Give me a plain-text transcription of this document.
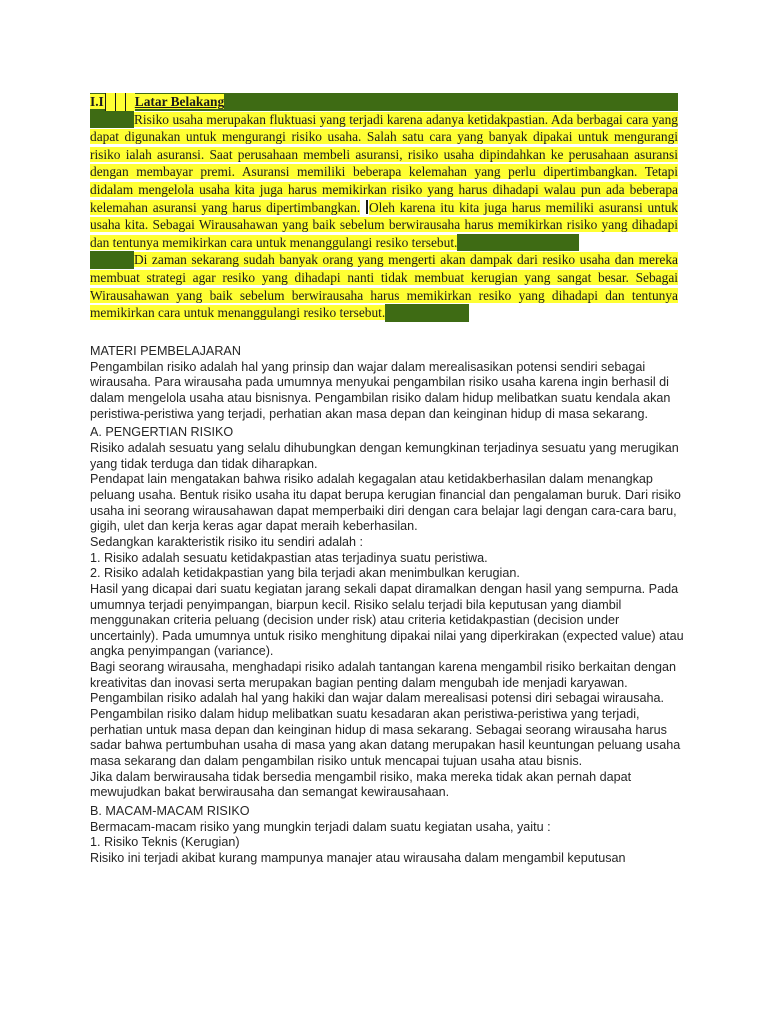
I.I Latar Belakang

Risiko usaha merupakan fluktuasi yang terjadi karena adanya ketidakpastian. Ada berbagai cara yang dapat digunakan untuk mengurangi risiko usaha. Salah satu cara yang banyak dipakai untuk mengurangi risiko ialah asuransi. Saat perusahaan membeli asuransi, risiko usaha dipindahkan ke perusahaan asuransi dengan membayar premi. Asuransi memiliki beberapa kelemahan yang perlu dipertimbangkan. Tetapi didalam mengelola usaha kita juga harus memikirkan risiko yang harus dihadapi walau pun ada beberapa kelemahan asuransi yang harus dipertimbangkan. Oleh karena itu kita juga harus memiliki asuransi untuk usaha kita. Sebagai Wirausahawan yang baik sebelum berwirausaha harus memikirkan risiko yang dihadapi dan tentunya memikirkan cara untuk menanggulangi resiko tersebut.

Di zaman sekarang sudah banyak orang yang mengerti akan dampak dari resiko usaha dan mereka membuat strategi agar resiko yang dihadapi nanti tidak membuat kerugian yang sangat besar. Sebagai Wirausahawan yang baik sebelum berwirausaha harus memikirkan resiko yang dihadapi dan tentunya memikirkan cara untuk menanggulangi resiko tersebut.

MATERI PEMBELAJARAN

Pengambilan risiko adalah hal yang prinsip dan wajar dalam merealisasikan potensi sendiri sebagai wirausaha. Para wirausaha pada umumnya menyukai pengambilan risiko usaha karena ingin berhasil di dalam mengelola usaha atau bisnisnya. Pengambilan risiko dalam hidup melibatkan suatu kendala akan peristiwa-peristiwa yang terjadi, perhatian akan masa depan dan keinginan hidup di masa sekarang.

A. PENGERTIAN RISIKO

Risiko adalah sesuatu yang selalu dihubungkan dengan kemungkinan terjadinya sesuatu yang merugikan yang tidak terduga dan tidak diharapkan.

Pendapat lain mengatakan bahwa risiko adalah kegagalan atau ketidakberhasilan dalam menangkap peluang usaha. Bentuk risiko usaha itu dapat berupa kerugian financial dan pengalaman buruk. Dari risiko usaha ini seorang wirausahawan dapat memperbaiki diri dengan cara belajar lagi dengan cara-cara baru, gigih, ulet dan kerja keras agar dapat meraih keberhasilan.

Sedangkan karakteristik risiko itu sendiri adalah :

1. Risiko adalah sesuatu ketidakpastian atas terjadinya suatu peristiwa.

2. Risiko adalah ketidakpastian yang bila terjadi akan menimbulkan kerugian.

Hasil yang dicapai dari suatu kegiatan jarang sekali dapat diramalkan dengan hasil yang sempurna. Pada umumnya terjadi penyimpangan, biarpun kecil. Risiko selalu terjadi bila keputusan yang diambil menggunakan criteria peluang (decision under risk) atau criteria ketidakpastian (decision under uncertainly). Pada umumnya untuk risiko menghitung dipakai nilai yang diperkirakan (expected value) atau angka penyimpangan (variance).

Bagi seorang wirausaha, menghadapi risiko adalah tantangan karena mengambil risiko berkaitan dengan kreativitas dan inovasi serta merupakan bagian penting dalam mengubah ide menjadi karyawan.

Pengambilan risiko adalah hal yang hakiki dan wajar dalam merealisasi potensi diri sebagai wirausaha. Pengambilan risiko dalam hidup melibatkan suatu kesadaran akan peristiwa-peristiwa yang terjadi, perhatian untuk masa depan dan keinginan hidup di masa sekarang. Sebagai seorang wirausaha harus sadar bahwa pertumbuhan usaha di masa yang akan datang merupakan hasil keuntungan peluang usaha masa sekarang dan dalam pengambilan risiko untuk mencapai tujuan usaha atau bisnis.

Jika dalam berwirausaha tidak bersedia mengambil risiko, maka mereka tidak akan pernah dapat mewujudkan bakat berwirausaha dan semangat kewirausahaan.

B. MACAM-MACAM RISIKO

Bermacam-macam risiko yang mungkin terjadi dalam suatu kegiatan usaha, yaitu :

1. Risiko Teknis (Kerugian)

Risiko ini terjadi akibat kurang mampunya manajer atau wirausaha dalam mengambil keputusan
